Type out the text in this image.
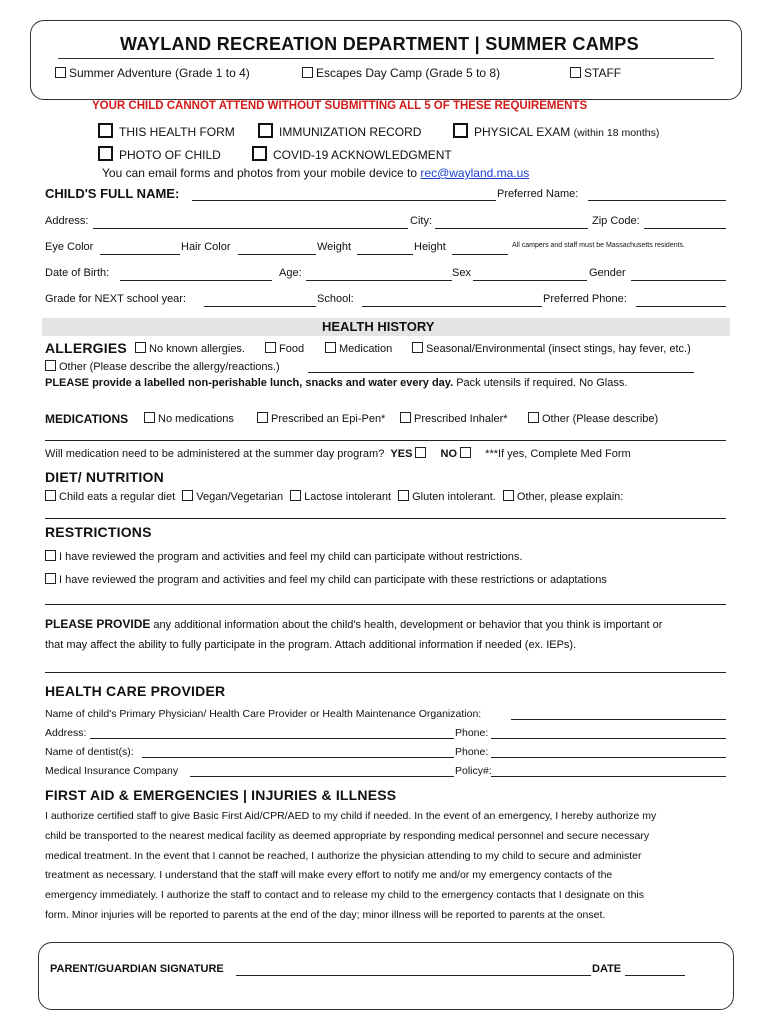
WAYLAND RECREATION DEPARTMENT | SUMMER CAMPS
Summer Adventure (Grade 1 to 4)	Escapes Day Camp (Grade 5 to 8)	STAFF
YOUR CHILD CANNOT ATTEND WITHOUT SUBMITTING ALL 5 OF THESE REQUIREMENTS
THIS HEALTH FORM	IMMUNIZATION RECORD	PHYSICAL EXAM (within 18 months)
PHOTO OF CHILD	COVID-19 ACKNOWLEDGMENT
You can email forms and photos from your mobile device to rec@wayland.ma.us
CHILD'S FULL NAME:	Preferred Name:
Address:	City:	Zip Code:
Eye Color	Hair Color	Weight	Height	All campers and staff must be Massachusetts residents.
Date of Birth:	Age:	Sex	Gender
Grade for NEXT school year:	School:	Preferred Phone:
HEALTH HISTORY
ALLERGIES	No known allergies.	Food	Medication	Seasonal/Environmental (insect stings, hay fever, etc.)
Other (Please describe the allergy/reactions.)
PLEASE provide a labelled non-perishable lunch, snacks and water every day. Pack utensils if required. No Glass.
MEDICATIONS	No medications	Prescribed an Epi-Pen*	Prescribed Inhaler*	Other (Please describe)
Will medication need to be administered at the summer day program? YES	NO	***If yes, Complete Med Form
DIET/ NUTRITION
Child eats a regular diet Vegan/Vegetarian Lactose intolerant Gluten intolerant. Other, please explain:
RESTRICTIONS
I have reviewed the program and activities and feel my child can participate without restrictions.
I have reviewed the program and activities and feel my child can participate with these restrictions or adaptations
PLEASE PROVIDE any additional information about the child's health, development or behavior that you think is important or
that may affect the ability to fully participate in the program. Attach additional information if needed (ex. IEPs).
HEALTH CARE PROVIDER
Name of child's Primary Physician/ Health Care Provider or Health Maintenance Organization:
Address:	Phone:
Name of dentist(s):	Phone:
Medical Insurance Company	Policy#:
FIRST AID & EMERGENCIES | INJURIES & ILLNESS
I authorize certified staff to give Basic First Aid/CPR/AED to my child if needed. In the event of an emergency, I hereby authorize my
child be transported to the nearest medical facility as deemed appropriate by responding medical personnel and secure necessary
medical treatment. In the event that I cannot be reached, I authorize the physician attending to my child to secure and administer
treatment as necessary. I understand that the staff will make every effort to notify me and/or my emergency contacts of the
emergency immediately. I authorize the staff to contact and to release my child to the emergency contacts that I designate on this
form. Minor injuries will be reported to parents at the end of the day; minor illness will be reported to parents at the onset.
PARENT/GUARDIAN SIGNATURE	DATE
